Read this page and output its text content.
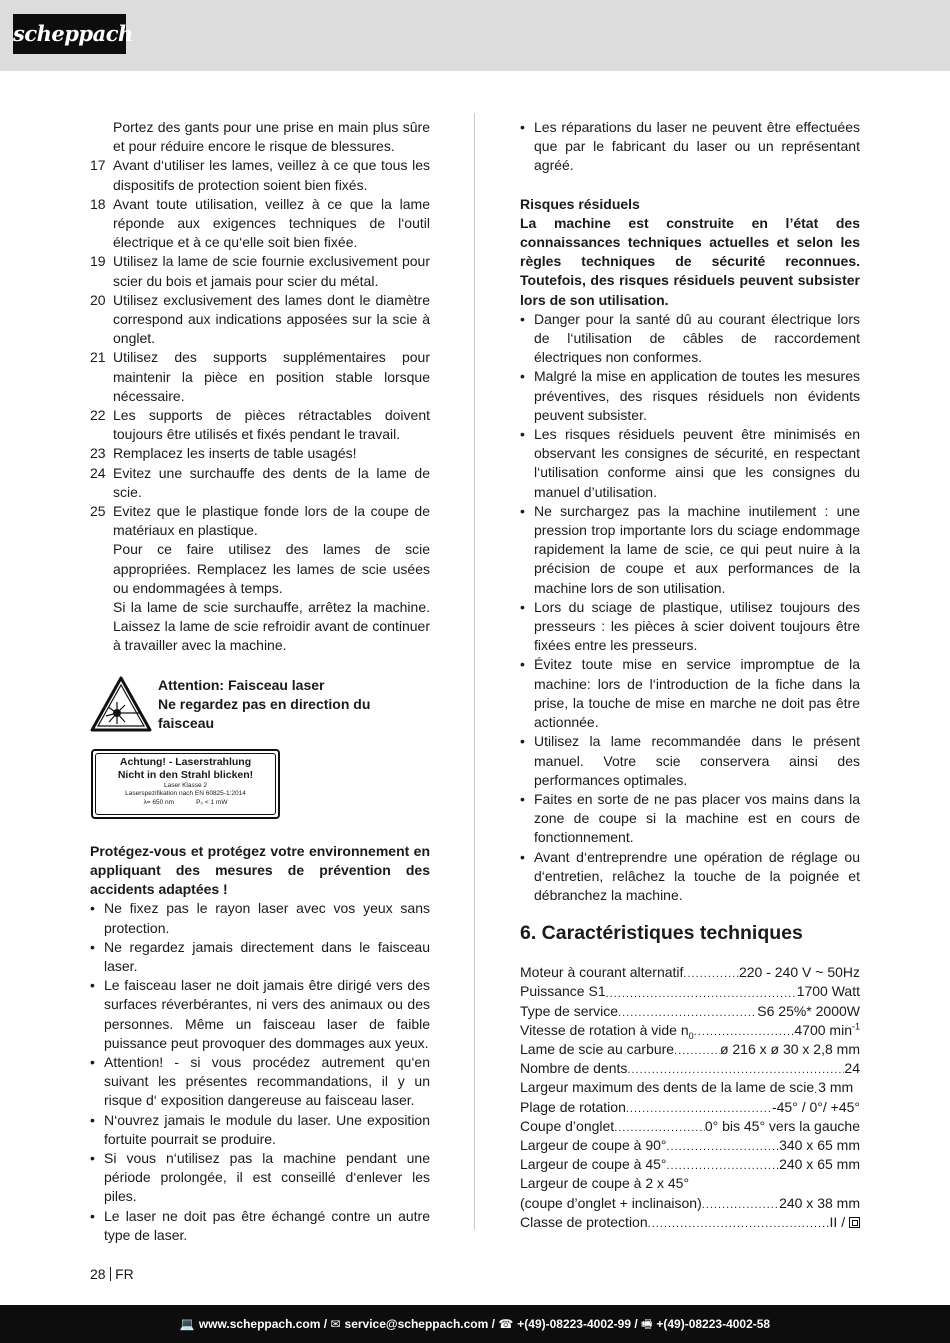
scheppach
Portez des gants pour une prise en main plus sûre et pour réduire encore le risque de blessures.
17 Avant d‘utiliser les lames, veillez à ce que tous les dispositifs de protection soient bien fixés.
18 Avant toute utilisation, veillez à ce que la lame réponde aux exigences techniques de l‘outil électrique et à ce qu‘elle soit bien fixée.
19 Utilisez la lame de scie fournie exclusivement pour scier du bois et jamais pour scier du métal.
20 Utilisez exclusivement des lames dont le diamètre correspond aux indications apposées sur la scie à onglet.
21 Utilisez des supports supplémentaires pour maintenir la pièce en position stable lorsque nécessaire.
22 Les supports de pièces rétractables doivent toujours être utilisés et fixés pendant le travail.
23 Remplacez les inserts de table usagés!
24 Evitez une surchauffe des dents de la lame de scie.
25 Evitez que le plastique fonde lors de la coupe de matériaux en plastique.
Pour ce faire utilisez des lames de scie appropriées. Remplacez les lames de scie usées ou endommagées à temps.
Si la lame de scie surchauffe, arrêtez la machine. Laissez la lame de scie refroidir avant de continuer à travailler avec la machine.
Attention: Faisceau laser
Ne regardez pas en direction du faisceau
Achtung! - Laserstrahlung
Nicht in den Strahl blicken!
Laser Klasse 2
Laserspezifikation nach EN 60825-1:2014
λ= 650 nm	P₀ < 1 mW
Protégez-vous et protégez votre environnement en appliquant des mesures de prévention des accidents adaptées !
• Ne fixez pas le rayon laser avec vos yeux sans protection.
• Ne regardez jamais directement dans le faisceau laser.
• Le faisceau laser ne doit jamais être dirigé vers des surfaces réverbérantes, ni vers des animaux ou des personnes. Même un faisceau laser de faible puissance peut provoquer des dommages aux yeux.
• Attention! - si vous procédez autrement qu‘en suivant les présentes recommandations, il y un risque d‘ exposition dangereuse au faisceau laser.
• N‘ouvrez jamais le module du laser. Une exposition fortuite pourrait se produire.
• Si vous n‘utilisez pas la machine pendant une période prolongée, il est conseillé d‘enlever les piles.
• Le laser ne doit pas être échangé contre un autre type de laser.
• Les réparations du laser ne peuvent être effectuées que par le fabricant du laser ou un représentant agréé.
Risques résiduels
La machine est construite en l’état des connaissances techniques actuelles et selon les règles techniques de sécurité reconnues. Toutefois, des risques résiduels peuvent subsister lors de son utilisation.
• Danger pour la santé dû au courant électrique lors de l‘utilisation de câbles de raccordement électriques non conformes.
• Malgré la mise en application de toutes les mesures préventives, des risques résiduels non évidents peuvent subsister.
• Les risques résiduels peuvent être minimisés en observant les consignes de sécurité, en respectant l‘utilisation conforme ainsi que les consignes du manuel d’utilisation.
• Ne surchargez pas la machine inutilement : une pression trop importante lors du sciage endommage rapidement la lame de scie, ce qui peut nuire à la précision de coupe et aux performances de la machine lors de son utilisation.
• Lors du sciage de plastique, utilisez toujours des presseurs : les pièces à scier doivent toujours être fixées entre les presseurs.
• Évitez toute mise en service impromptue de la machine: lors de l‘introduction de la fiche dans la prise, la touche de mise en marche ne doit pas être actionnée.
• Utilisez la lame recommandée dans le présent manuel. Votre scie conservera ainsi des performances optimales.
• Faites en sorte de ne pas placer vos mains dans la zone de coupe si la machine est en cours de fonctionnement.
• Avant d‘entreprendre une opération de réglage ou d‘entretien, relâchez la touche de la poignée et débranchez la machine.
6. Caractéristiques techniques
Moteur à courant alternatif .....	220 - 240 V ~ 50Hz
Puissance S1 .....	1700 Watt
Type de service .....	S6 25%* 2000W
Vitesse de rotation à vide $n_0$ .....	4700 $\min^{-1}$
Lame de scie au carbure .....	ø 216 x ø 30 x 2,8 mm
Nombre de dents .....	24
Largeur maximum des dents de la lame de scie ..... 3 mm
Plage de rotation .....	-45° / 0°/ +45°
Coupe d’onglet .....	0° bis 45° vers la gauche
Largeur de coupe à 90° .....	340 x 65 mm
Largeur de coupe à 45° .....	240 x 65 mm
Largeur de coupe à 2 x 45°
(coupe d’onglet + inclinaison) .....	240 x 38 mm
Classe de protection .....	II /
28 FR
💻 www.scheppach.com / ✉ service@scheppach.com / ☎ +(49)-08223-4002-99 / 🖷 +(49)-08223-4002-58
